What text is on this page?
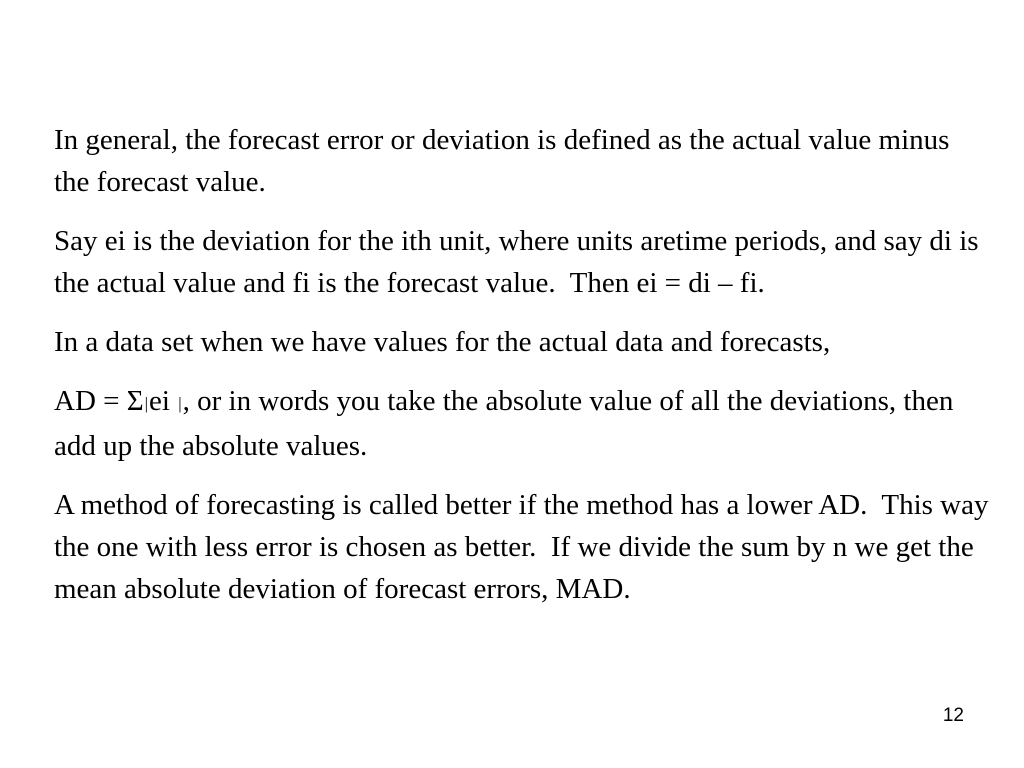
In general, the forecast error or deviation is defined as the actual value minus the forecast value.

Say ei is the deviation for the ith unit, where units aretime periods, and say di is the actual value and fi is the forecast value.  Then ei = di – fi.

In a data set when we have values for the actual data and forecasts,

AD = Σ|ei |, or in words you take the absolute value of all the deviations, then add up the absolute values.

A method of forecasting is called better if the method has a lower AD.  This way the one with less error is chosen as better.  If we divide the sum by n we get the mean absolute deviation of forecast errors, MAD.

12
